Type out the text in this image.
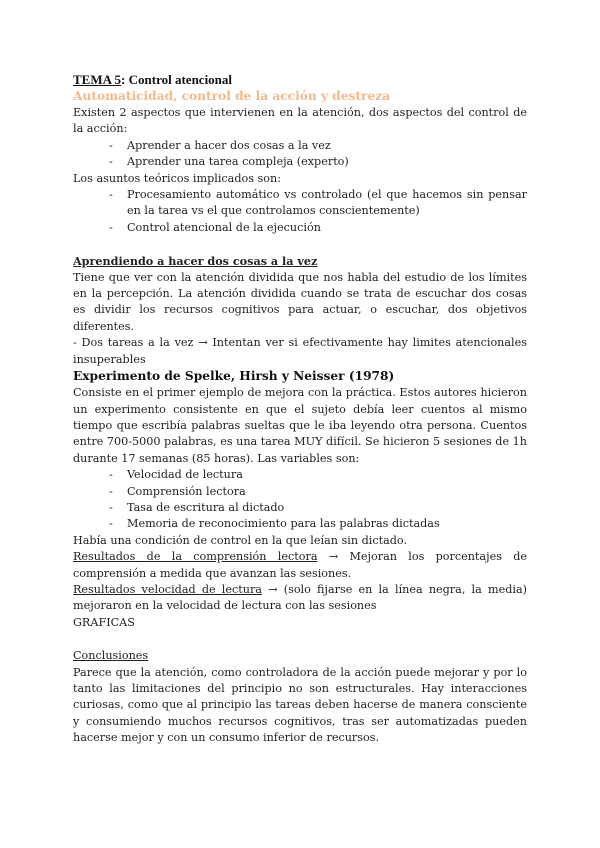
TEMA 5: Control atencional
Automaticidad, control de la acción y destreza

Existen 2 aspectos que intervienen en la atención, dos aspectos del control de la acción:

- Aprender a hacer dos cosas a la vez
- Aprender una tarea compleja (experto)

Los asuntos teóricos implicados son:

- Procesamiento automático vs controlado (el que hacemos sin pensar en la tarea vs el que controlamos conscientemente)
- Control atencional de la ejecución
Aprendiendo a hacer dos cosas a la vez

Tiene que ver con la atención dividida que nos habla del estudio de los límites en la percepción. La atención dividida cuando se trata de escuchar dos cosas es dividir los recursos cognitivos para actuar, o escuchar, dos objetivos diferentes.

- Dos tareas a la vez → Intentan ver si efectivamente hay limites atencionales insuperables

Experimento de Spelke, Hirsh y Neisser (1978)

Consiste en el primer ejemplo de mejora con la práctica. Estos autores hicieron un experimento consistente en que el sujeto debía leer cuentos al mismo tiempo que escribía palabras sueltas que le iba leyendo otra persona. Cuentos entre 700-5000 palabras, es una tarea MUY difícil. Se hicieron 5 sesiones de 1h durante 17 semanas (85 horas). Las variables son:

- Velocidad de lectura
- Comprensión lectora
- Tasa de escritura al dictado
- Memoria de reconocimiento para las palabras dictadas

Había una condición de control en la que leían sin dictado.

Resultados de la comprensión lectora → Mejoran los porcentajes de comprensión a medida que avanzan las sesiones.

Resultados velocidad de lectura → (solo fijarse en la línea negra, la media) mejoraron en la velocidad de lectura con las sesiones

GRAFICAS

Conclusiones

Parece que la atención, como controladora de la acción puede mejorar y por lo tanto las limitaciones del principio no son estructurales. Hay interacciones curiosas, como que al principio las tareas deben hacerse de manera consciente y consumiendo muchos recursos cognitivos, tras ser automatizadas pueden hacerse mejor y con un consumo inferior de recursos.
